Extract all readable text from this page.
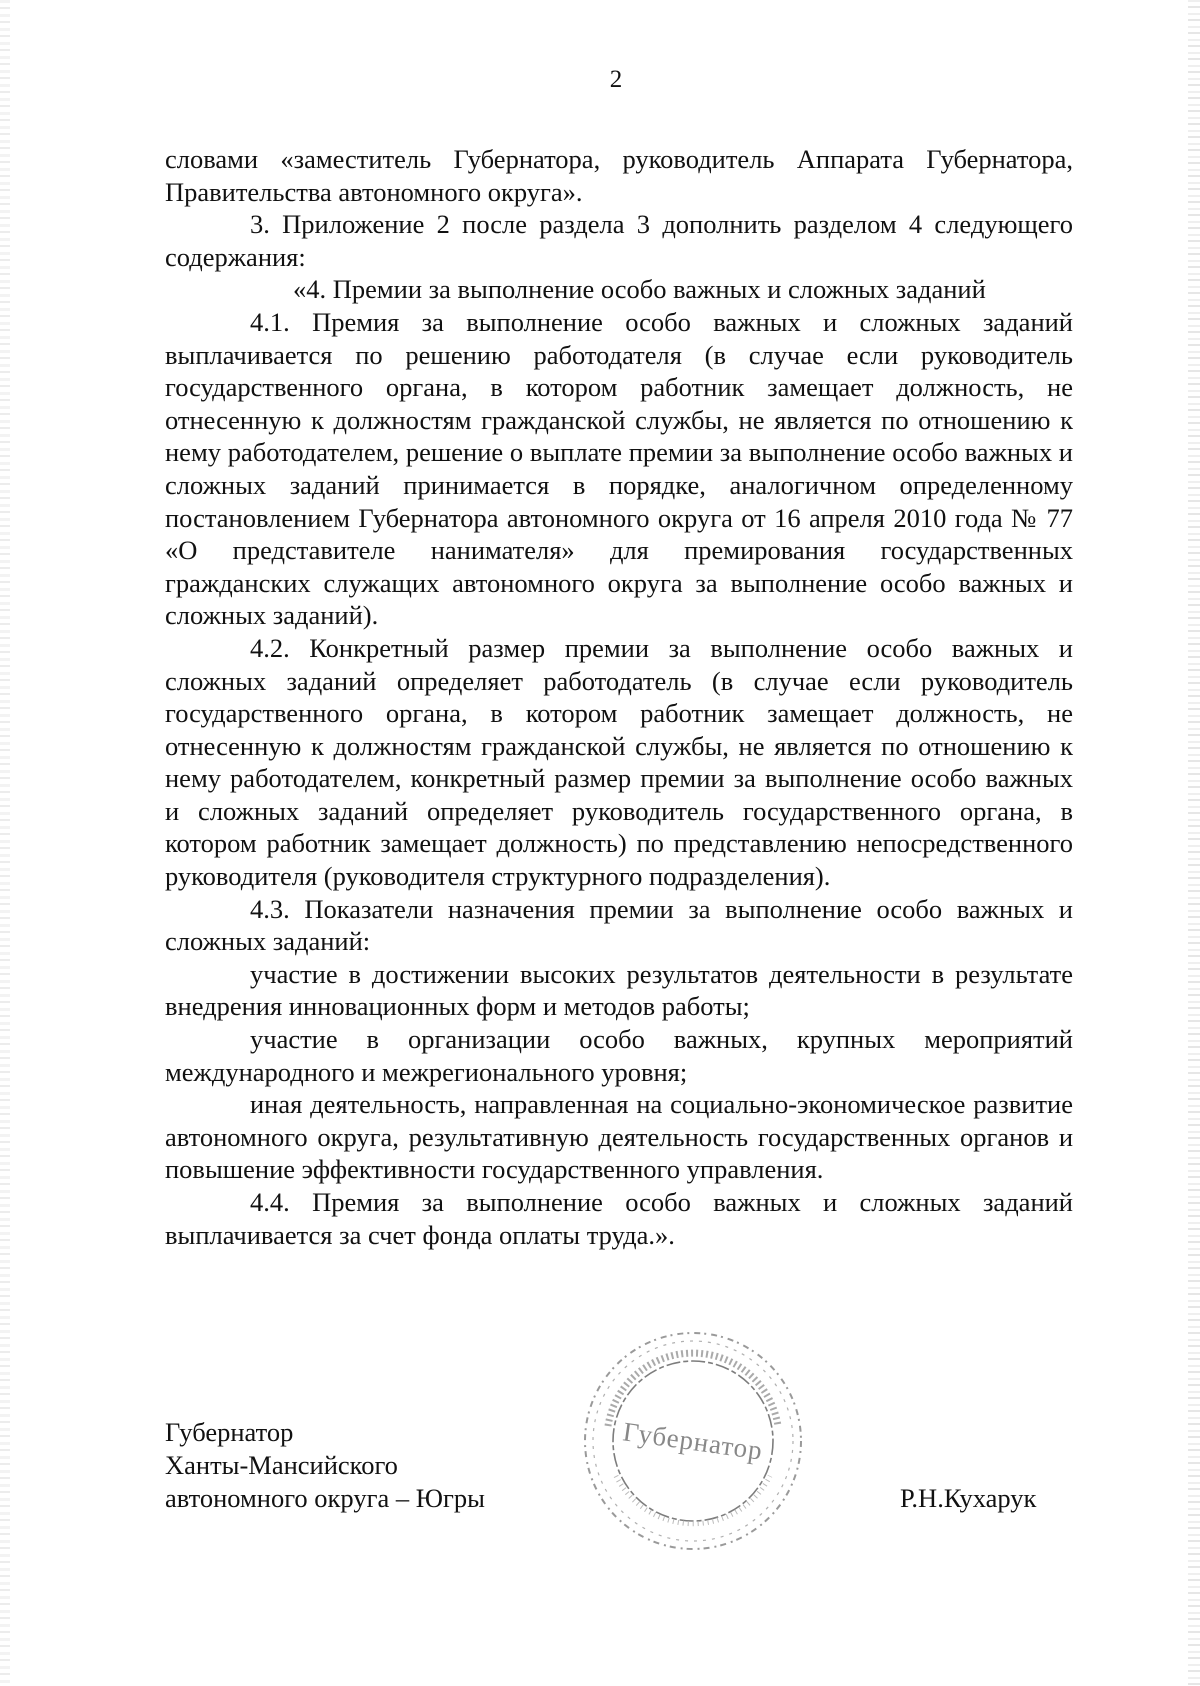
2

словами «заместитель Губернатора, руководитель Аппарата Губернатора, Правительства автономного округа».

3. Приложение 2 после раздела 3 дополнить разделом 4 следующего содержания:

«4. Премии за выполнение особо важных и сложных заданий

4.1. Премия за выполнение особо важных и сложных заданий выплачивается по решению работодателя (в случае если руководитель государственного органа, в котором работник замещает должность, не отнесенную к должностям гражданской службы, не является по отношению к нему работодателем, решение о выплате премии за выполнение особо важных и сложных заданий принимается в порядке, аналогичном определенному постановлением Губернатора автономного округа от 16 апреля 2010 года № 77 «О представителе нанимателя» для премирования государственных гражданских служащих автономного округа за выполнение особо важных и сложных заданий).

4.2. Конкретный размер премии за выполнение особо важных и сложных заданий определяет работодатель (в случае если руководитель государственного органа, в котором работник замещает должность, не отнесенную к должностям гражданской службы, не является по отношению к нему работодателем, конкретный размер премии за выполнение особо важных и сложных заданий определяет руководитель государственного органа, в котором работник замещает должность) по представлению непосредственного руководителя (руководителя структурного подразделения).

4.3. Показатели назначения премии за выполнение особо важных и сложных заданий:

участие в достижении высоких результатов деятельности в результате внедрения инновационных форм и методов работы;

участие в организации особо важных, крупных мероприятий международного и межрегионального уровня;

иная деятельность, направленная на социально-экономическое развитие автономного округа, результативную деятельность государственных органов и повышение эффективности государственного управления.

4.4. Премия за выполнение особо важных и сложных заданий выплачивается за счет фонда оплаты труда.».

Губернатор
Ханты-Мансийского
автономного округа – Югры
Губернатор
Р.Н.Кухарук
